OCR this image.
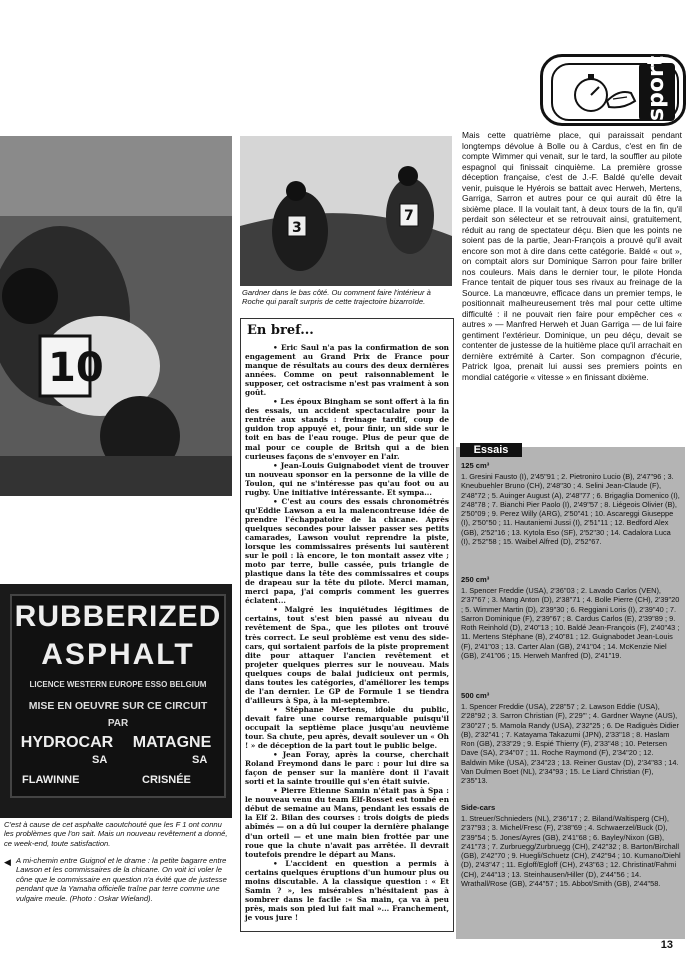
sport
10
3
7
Gardner dans le bas côté. Ou comment faire l'intérieur à Roche qui paraît surpris de cette trajectoire bizarroïde.
RUBBERIZED
ASPHALT
LICENCE WESTERN EUROPE ESSO BELGIUM
MISE EN OEUVRE SUR CE CIRCUIT
PAR
HYDROCAR	MATAGNE
SA	SA
FLAWINNE	CRISNÉE
C'est à cause de cet asphalte caoutchouté que les F 1 ont connu les problèmes que l'on sait. Mais un nouveau revêtement a donné, ce week-end, toute satisfaction.
◀ A mi-chemin entre Guignol et le drame : la petite bagarre entre Lawson et les commissaires de la chicane. On voit ici voler le cône que le commissaire en question n'a évité que de justesse pendant que la Yamaha officielle traîne par terre comme une vulgaire meule. (Photo : Oskar Wieland).
En bref...

• Eric Saul n'a pas la confirmation de son engagement au Grand Prix de France pour manque de résultats au cours des deux dernières années. Comme on peut raisonnablement le supposer, cet ostracisme n'est pas vraiment à son goût.

• Les époux Bingham se sont offert à la fin des essais, un accident spectaculaire pour la rentrée aux stands : freinage tardif, coup de guidon trop appuyé et, pour finir, un side sur le toit en bas de l'eau rouge. Plus de peur que de mal pour ce couple de Britsh qui a de bien curieuses façons de s'envoyer en l'air.

• Jean-Louis Guignabodet vient de trouver un nouveau sponsor en la personne de la ville de Toulon, qui ne s'intéresse pas qu'au foot ou au rugby. Une initiative intéressante. Et sympa...

• C'est au cours des essais chronométrés qu'Eddie Lawson a eu la malencontreuse idée de prendre l'échappatoire de la chicane. Après quelques secondes pour laisser passer ses petits camarades, Lawson voulut reprendre la piste, lorsque les commissaires présents lui sautèrent sur le poil : là encore, le ton montait assez vite ; moto par terre, bulle cassée, puis triangle de plastique dans la tête des commissaires et coups de drapeau sur la tête du pilote. Merci maman, merci papa, j'ai compris comment les guerres éclatent...

• Malgré les inquiétudes légitimes de certains, tout s'est bien passé au niveau du revêtement de Spa., que les pilotes ont trouvé très correct. Le seul problème est venu des side-cars, qui sortaient parfois de la piste proprement dite pour attaquer l'ancien revêtement et projeter quelques pierres sur le nouveau. Mais quelques coups de balai judicieux ont permis, dans toutes les catégories, d'améliorer les temps de l'an dernier. Le GP de Formule 1 se tiendra d'ailleurs à Spa, à la mi-septembre.

• Stéphane Mertens, idole du public, devait faire une course remarquable puisqu'il occupait la septième place jusqu'au neuvième tour. Sa chute, peu après, devait soulever un « Oh ! » de déception de la part tout le public belge.

• Jean Foray, après la course, cherchait Roland Freymond dans le parc : pour lui dire sa façon de penser sur la manière dont il l'avait sorti et la sainte trouille qui s'en était suivie.

• Pierre Etienne Samin n'était pas à Spa : le nouveau venu du team Elf-Rosset est tombé en début de semaine au Mans, pendant les essais de la Elf 2. Bilan des courses : trois doigts de pieds abîmés — on a dû lui couper la dernière phalange d'un orteil — et une main bien frottée par une roue que la chute n'avait pas arrêtée. Il devrait toutefois prendre le départ au Mans.

• L'accident en question a permis à certains quelques éruptions d'un humour plus ou moins discutable. A la classique question : « Et Samin ? », les misérables n'hésitaient pas à sombrer dans le facile :« Sa main, ça va à peu près, mais son pied lui fait mal »... Franchement, je vous jure !

Mais cette quatrième place, qui paraissait pendant longtemps dévolue à Bolle ou à Cardus, c'est en fin de compte Wimmer qui venait, sur le tard, la souffler au pilote espagnol qui finissait cinquième. La première grosse déception française, c'est de J.-F. Baldé qu'elle devait venir, puisque le Hyérois se battait avec Herweh, Mertens, Garriga, Sarron et autres pour ce qui aurait dû être la sixième place. Il la voulait tant, à deux tours de la fin, qu'il perdait son sélecteur et se retrouvait ainsi, gratuitement, réduit au rang de spectateur déçu. Bien que les points ne soient pas de la partie, Jean-François a prouvé qu'il avait encore son mot à dire dans cette catégorie. Baldé « out », on comptait alors sur Dominique Sarron pour faire briller nos couleurs. Mais dans le dernier tour, le pilote Honda France tentait de piquer tous ses rivaux au freinage de la Source. La manœuvre, efficace dans un premier temps, le positionnait malheureusement très mal pour cette ultime difficulté : il ne pouvait rien faire pour empêcher ces « autres » — Manfred Herweh et Juan Garriga — de lui faire gentiment l'extérieur. Dominique, un peu déçu, devait se contenter de justesse de la huitième place qu'il arrachait en dernière extrémité à Carter. Son compagnon d'écurie, Patrick Igoa, prenait lui aussi ses premiers points en mondial catégorie « vitesse » en finissant dixième.
Essais
125 cm³
1. Gresini Fausto (I), 2'45"91 ; 2. Pietroniro Lucio (B), 2'47"96 ; 3. Kneubuehler Bruno (CH), 2'48"30 ; 4. Selini Jean-Claude (F), 2'48"72 ; 5. Auinger August (A), 2'48"77 ; 6. Brigaglia Domenico (I), 2'48"78 ; 7. Bianchi Pier Paolo (I), 2'49"57 ; 8. Liégeois Olivier (B), 2'50"09 ; 9. Perez Willy (ARG), 2'50"41 ; 10. Ascareggi Giuseppe (I), 2'50"50 ; 11. Hautaniemi Jussi (I), 2'51"11 ; 12. Bedford Alex (GB), 2'52"16 ; 13. Kytola Eso (SF), 2'52"30 ; 14. Cadalora Luca (I), 2'52"58 ; 15. Waibel Alfred (D), 2'52"67.
250 cm³
1. Spencer Freddie (USA), 2'36"03 ; 2. Lavado Carlos (VEN), 2'37"67 ; 3. Mang Anton (D), 2'38"71 ; 4. Bolle Pierre (CH), 2'39"20 ; 5. Wimmer Martin (D), 2'39"30 ; 6. Reggiani Loris (I), 2'39"40 ; 7. Sarron Dominique (F), 2'39"67 ; 8. Cardus Carlos (E), 2'39"89 ; 9. Roth Reinhold (D), 2'40"13 ; 10. Baldé Jean-François (F), 2'40"43 ; 11. Mertens Stéphane (B), 2'40"81 ; 12. Guignabodet Jean-Louis (F), 2'41"03 ; 13. Carter Alan (GB), 2'41"04 ; 14. McKenzie Niel (GB), 2'41"06 ; 15. Herweh Manfred (D), 2'41"19.
500 cm³
1. Spencer Freddie (USA), 2'28"57 ; 2. Lawson Eddie (USA), 2'28"92 ; 3. Sarron Christian (F), 2'29"' ; 4. Gardner Wayne (AUS), 2'30"27 ; 5. Mamola Randy (USA), 2'32"25 ; 6. De Radiguès Didier (B), 2'32"41 ; 7. Katayama Takazumi (JPN), 2'33"18 ; 8. Haslam Ron (GB), 2'33"29 ; 9. Espié Thierry (F), 2'33"48 ; 10. Petersen Dave (SA), 2'34"07 ; 11. Roche Raymond (F), 2'34"20 ; 12. Baldwin Mike (USA), 2'34"23 ; 13. Reiner Gustav (D), 2'34"83 ; 14. Van Dulmen Boet (NL), 2'34"93 ; 15. Le Liard Christian (F), 2'35"13.
Side-cars
1. Streuer/Schnieders (NL), 2'36"17 ; 2. Biland/Waltisperg (CH), 2'37"93 ; 3. Michel/Fresc (F), 2'38"69 ; 4. Schwaerzel/Buck (D), 2'39"54 ; 5. Jones/Ayres (GB), 2'41"68 ; 6. Bayley/Nixon (GB), 2'41"73 ; 7. Zurbruegg/Zurbruegg (CH), 2'42"32 ; 8. Barton/Birchall (GB), 2'42"70 ; 9. Huegli/Schuetz (CH), 2'42"94 ; 10. Kumano/Diehl (D), 2'43"47 ; 11. Egloff/Egloff (CH), 2'43"63 ; 12. Christinat/Fahmi (CH), 2'44"13 ; 13. Steinhausen/Hiller (D), 2'44"56 ; 14. Wrathall/Rose (GB), 2'44"57 ; 15. Abbot/Smith (GB), 2'44"58.
13
